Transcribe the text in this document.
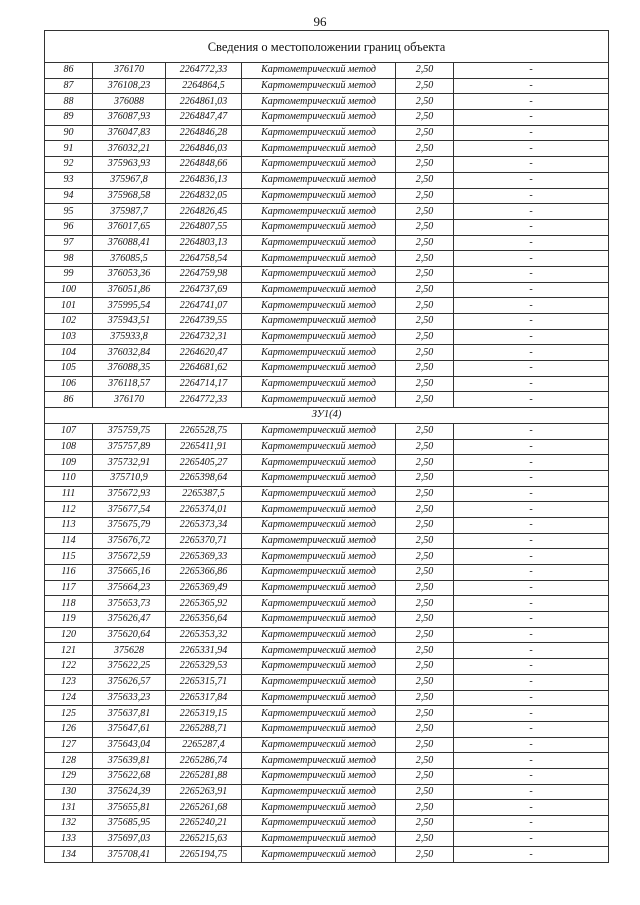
96
Сведения о местоположении границ объекта					
86	376170	2264772,33	Картометрический метод	2,50	-
87	376108,23	2264864,5	Картометрический метод	2,50	-
88	376088	2264861,03	Картометрический метод	2,50	-
89	376087,93	2264847,47	Картометрический метод	2,50	-
90	376047,83	2264846,28	Картометрический метод	2,50	-
91	376032,21	2264846,03	Картометрический метод	2,50	-
92	375963,93	2264848,66	Картометрический метод	2,50	-
93	375967,8	2264836,13	Картометрический метод	2,50	-
94	375968,58	2264832,05	Картометрический метод	2,50	-
95	375987,7	2264826,45	Картометрический метод	2,50	-
96	376017,65	2264807,55	Картометрический метод	2,50	-
97	376088,41	2264803,13	Картометрический метод	2,50	-
98	376085,5	2264758,54	Картометрический метод	2,50	-
99	376053,36	2264759,98	Картометрический метод	2,50	-
100	376051,86	2264737,69	Картометрический метод	2,50	-
101	375995,54	2264741,07	Картометрический метод	2,50	-
102	375943,51	2264739,55	Картометрический метод	2,50	-
103	375933,8	2264732,31	Картометрический метод	2,50	-
104	376032,84	2264620,47	Картометрический метод	2,50	-
105	376088,35	2264681,62	Картометрический метод	2,50	-
106	376118,57	2264714,17	Картометрический метод	2,50	-
86	376170	2264772,33	Картометрический метод	2,50	-
ЗУ1(4)					
107	375759,75	2265528,75	Картометрический метод	2,50	-
108	375757,89	2265411,91	Картометрический метод	2,50	-
109	375732,91	2265405,27	Картометрический метод	2,50	-
110	375710,9	2265398,64	Картометрический метод	2,50	-
111	375672,93	2265387,5	Картометрический метод	2,50	-
112	375677,54	2265374,01	Картометрический метод	2,50	-
113	375675,79	2265373,34	Картометрический метод	2,50	-
114	375676,72	2265370,71	Картометрический метод	2,50	-
115	375672,59	2265369,33	Картометрический метод	2,50	-
116	375665,16	2265366,86	Картометрический метод	2,50	-
117	375664,23	2265369,49	Картометрический метод	2,50	-
118	375653,73	2265365,92	Картометрический метод	2,50	-
119	375626,47	2265356,64	Картометрический метод	2,50	-
120	375620,64	2265353,32	Картометрический метод	2,50	-
121	375628	2265331,94	Картометрический метод	2,50	-
122	375622,25	2265329,53	Картометрический метод	2,50	-
123	375626,57	2265315,71	Картометрический метод	2,50	-
124	375633,23	2265317,84	Картометрический метод	2,50	-
125	375637,81	2265319,15	Картометрический метод	2,50	-
126	375647,61	2265288,71	Картометрический метод	2,50	-
127	375643,04	2265287,4	Картометрический метод	2,50	-
128	375639,81	2265286,74	Картометрический метод	2,50	-
129	375622,68	2265281,88	Картометрический метод	2,50	-
130	375624,39	2265263,91	Картометрический метод	2,50	-
131	375655,81	2265261,68	Картометрический метод	2,50	-
132	375685,95	2265240,21	Картометрический метод	2,50	-
133	375697,03	2265215,63	Картометрический метод	2,50	-
134	375708,41	2265194,75	Картометрический метод	2,50	-
